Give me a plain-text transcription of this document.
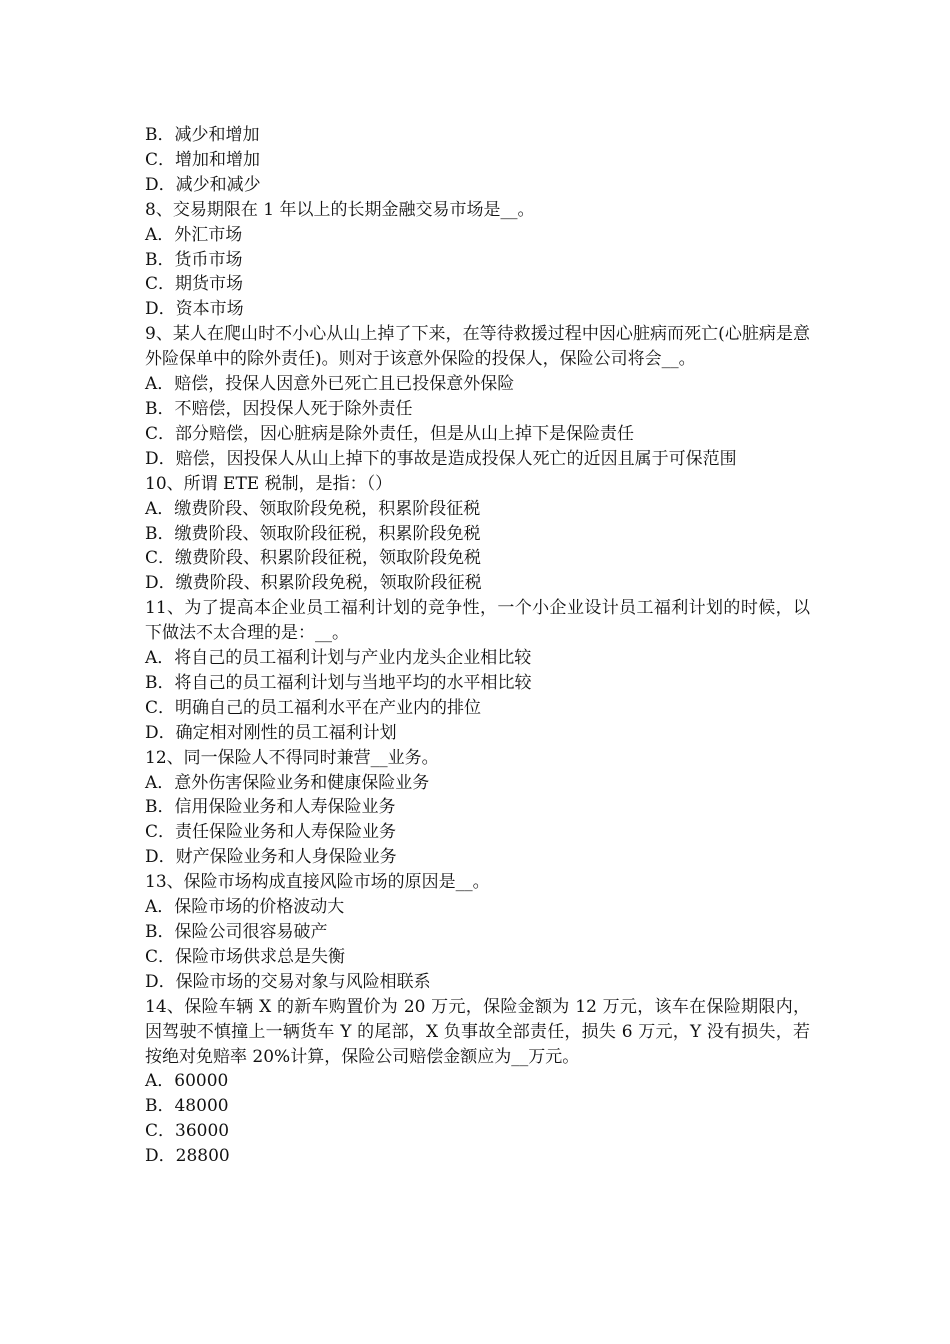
B．减少和增加

C．增加和增加

D．减少和减少

8、交易期限在 1 年以上的长期金融交易市场是__。

A．外汇市场

B．货币市场

C．期货市场

D．资本市场

9、某人在爬山时不小心从山上掉了下来，在等待救援过程中因心脏病而死亡(心脏病是意外险保单中的除外责任)。则对于该意外保险的投保人，保险公司将会__。

A．赔偿，投保人因意外已死亡且已投保意外保险

B．不赔偿，因投保人死于除外责任

C．部分赔偿，因心脏病是除外责任，但是从山上掉下是保险责任

D．赔偿，因投保人从山上掉下的事故是造成投保人死亡的近因且属于可保范围

10、所谓 ETE 税制，是指：（）

A．缴费阶段、领取阶段免税，积累阶段征税

B．缴费阶段、领取阶段征税，积累阶段免税

C．缴费阶段、积累阶段征税，领取阶段免税

D．缴费阶段、积累阶段免税，领取阶段征税

11、为了提高本企业员工福利计划的竞争性，一个小企业设计员工福利计划的时候，以下做法不太合理的是：__。

A．将自己的员工福利计划与产业内龙头企业相比较

B．将自己的员工福利计划与当地平均的水平相比较

C．明确自己的员工福利水平在产业内的排位

D．确定相对刚性的员工福利计划

12、同一保险人不得同时兼营__业务。

A．意外伤害保险业务和健康保险业务

B．信用保险业务和人寿保险业务

C．责任保险业务和人寿保险业务

D．财产保险业务和人身保险业务

13、保险市场构成直接风险市场的原因是__。

A．保险市场的价格波动大

B．保险公司很容易破产

C．保险市场供求总是失衡

D．保险市场的交易对象与风险相联系

14、保险车辆 X 的新车购置价为 20 万元，保险金额为 12 万元，该车在保险期限内，因驾驶不慎撞上一辆货车 Y 的尾部，X 负事故全部责任，损失 6 万元，Y 没有损失，若按绝对免赔率 20%计算，保险公司赔偿金额应为__万元。

A．60000

B．48000

C．36000

D．28800
